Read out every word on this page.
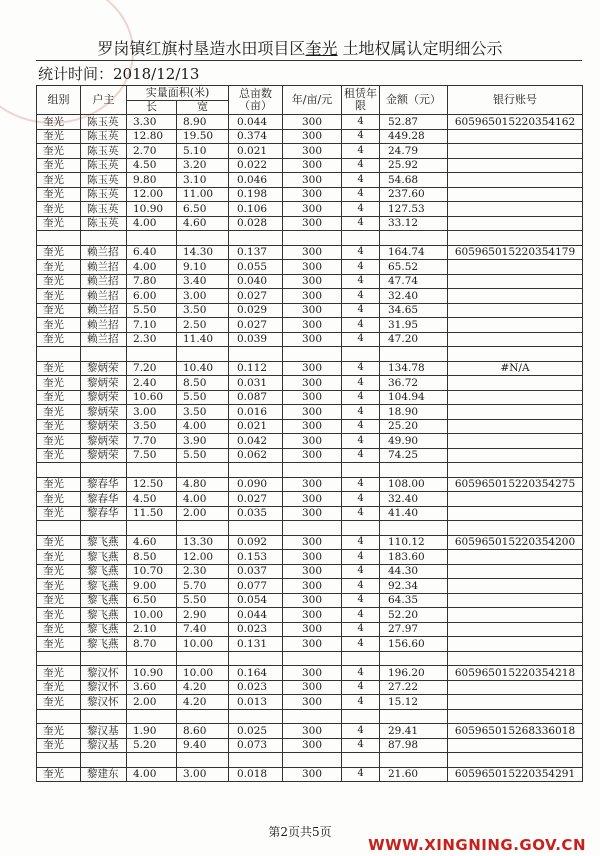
罗岗镇红旗村垦造水田项目区奎光 土地权属认定明细公示
统计时间：2018/12/13
组别	户主	实量面积(米)		总亩数（亩）	年/亩/元	租赁年限	金额（元）	银行账号
		长	宽					
奎光	陈玉英	3.30	8.90	0.044	300	4	52.87	605965015220354162
奎光	陈玉英	12.80	19.50	0.374	300	4	449.28	
奎光	陈玉英	2.70	5.10	0.021	300	4	24.79	
奎光	陈玉英	4.50	3.20	0.022	300	4	25.92	
奎光	陈玉英	9.80	3.10	0.046	300	4	54.68	
奎光	陈玉英	12.00	11.00	0.198	300	4	237.60	
奎光	陈玉英	10.90	6.50	0.106	300	4	127.53	
奎光	陈玉英	4.00	4.60	0.028	300	4	33.12	

奎光	赖兰招	6.40	14.30	0.137	300	4	164.74	605965015220354179
奎光	赖兰招	4.00	9.10	0.055	300	4	65.52	
奎光	赖兰招	7.80	3.40	0.040	300	4	47.74	
奎光	赖兰招	6.00	3.00	0.027	300	4	32.40	
奎光	赖兰招	5.50	3.50	0.029	300	4	34.65	
奎光	赖兰招	7.10	2.50	0.027	300	4	31.95	
奎光	赖兰招	2.30	11.40	0.039	300	4	47.20	

奎光	黎炳荣	7.20	10.40	0.112	300	4	134.78	#N/A
奎光	黎炳荣	2.40	8.50	0.031	300	4	36.72	
奎光	黎炳荣	10.60	5.50	0.087	300	4	104.94	
奎光	黎炳荣	3.00	3.50	0.016	300	4	18.90	
奎光	黎炳荣	3.50	4.00	0.021	300	4	25.20	
奎光	黎炳荣	7.70	3.90	0.042	300	4	49.90	
奎光	黎炳荣	7.50	5.50	0.062	300	4	74.25	

奎光	黎春华	12.50	4.80	0.090	300	4	108.00	605965015220354275
奎光	黎春华	4.50	4.00	0.027	300	4	32.40	
奎光	黎春华	11.50	2.00	0.035	300	4	41.40	

奎光	黎飞燕	4.60	13.30	0.092	300	4	110.12	605965015220354200
奎光	黎飞燕	8.50	12.00	0.153	300	4	183.60	
奎光	黎飞燕	10.70	2.30	0.037	300	4	44.30	
奎光	黎飞燕	9.00	5.70	0.077	300	4	92.34	
奎光	黎飞燕	6.50	5.50	0.054	300	4	64.35	
奎光	黎飞燕	10.00	2.90	0.044	300	4	52.20	
奎光	黎飞燕	2.10	7.40	0.023	300	4	27.97	
奎光	黎飞燕	8.70	10.00	0.131	300	4	156.60	

奎光	黎汉怀	10.90	10.00	0.164	300	4	196.20	605965015220354218
奎光	黎汉怀	3.60	4.20	0.023	300	4	27.22	
奎光	黎汉怀	2.00	4.20	0.013	300	4	15.12	

奎光	黎汉基	1.90	8.60	0.025	300	4	29.41	605965015268336018
奎光	黎汉基	5.20	9.40	0.073	300	4	87.98	

奎光	黎建东	4.00	3.00	0.018	300	4	21.60	605965015220354291
第2页共5页
WWW.XINGNING.GOV.CN
